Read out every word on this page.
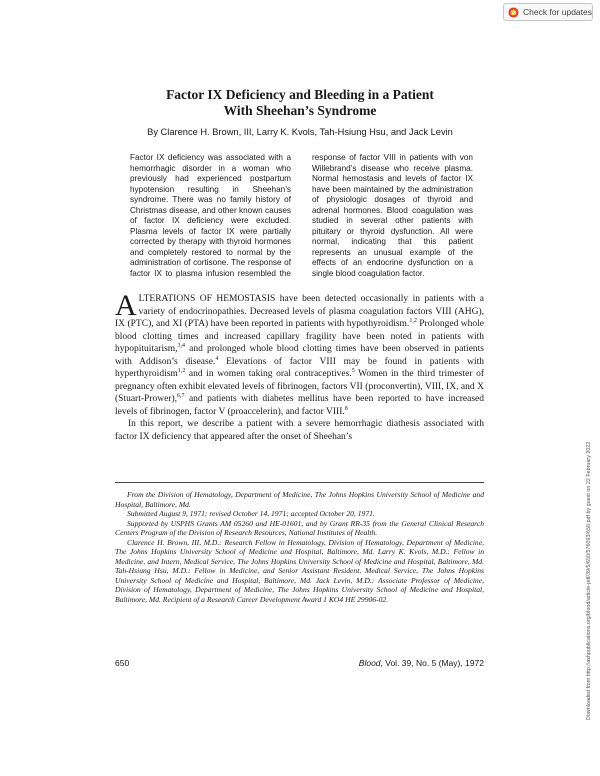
Check for updates
Downloaded from http://ashpublications.org/blood/article-pdf/39/5/650/576093/650.pdf by guest on 22 February 2022
Factor IX Deficiency and Bleeding in a Patient
With Sheehan’s Syndrome
By Clarence H. Brown, III, Larry K. Kvols, Tah-Hsiung Hsu, and Jack Levin
Factor IX deficiency was associated with a hemorrhagic disorder in a woman who previously had experienced postpartum hypotension resulting in Sheehan’s syndrome. There was no family history of Christmas disease, and other known causes of factor IX deficiency were excluded. Plasma levels of factor IX were partially corrected by therapy with thyroid hormones and completely restored to normal by the administration of cortisone. The response of factor IX to plasma infusion resembled the response of factor VIII in patients with von Willebrand’s disease who receive plasma. Normal hemostasis and levels of factor IX have been maintained by the administration of physiologic dosages of thyroid and adrenal hormones. Blood coagulation was studied in several other patients with pituitary or thyroid dysfunction. All were normal, indicating that this patient represents an unusual example of the effects of an endocrine dysfunction on a single blood coagulation factor.

ALTERATIONS OF HEMOSTASIS have been detected occasionally in patients with a variety of endocrinopathies. Decreased levels of plasma coagulation factors VIII (AHG), IX (PTC), and XI (PTA) have been reported in patients with hypothyroidism.$^{1,2}$ Prolonged whole blood clotting times and increased capillary fragility have been noted in patients with hypopituitarism,$^{3,4}$ and prolonged whole blood clotting times have been observed in patients with Addison’s disease.$^4$ Elevations of factor VIII may be found in patients with hyperthyroidism$^{1,2}$ and in women taking oral contraceptives.$^5$ Women in the third trimester of pregnancy often exhibit elevated levels of fibrinogen, factors VII (proconvertin), VIII, IX, and X (Stuart-Prower),$^{6,7}$ and patients with diabetes mellitus have been reported to have increased levels of fibrinogen, factor V (proaccelerin), and factor VIII.$^8$

In this report, we describe a patient with a severe hemorrhagic diathesis associated with factor IX deficiency that appeared after the onset of Sheehan’s

From the Division of Hematology, Department of Medicine, The Johns Hopkins University School of Medicine and Hospital, Baltimore, Md.

Submitted August 9, 1971; revised October 14, 1971; accepted October 20, 1971.

Supported by USPHS Grants AM 05260 and HE-01601, and by Grant RR-35 from the General Clinical Research Centers Program of the Division of Research Resources, National Institutes of Health.

Clarence H. Brown, III, M.D.: Research Fellow in Hematology, Division of Hematology, Department of Medicine, The Johns Hopkins University School of Medicine and Hospital, Baltimore, Md. Larry K. Kvols, M.D.: Fellow in Medicine, and Intern, Medical Service, The Johns Hopkins University School of Medicine and Hospital, Baltimore, Md. Tah-Hsiung Hsu, M.D.: Fellow in Medicine, and Senior Assistant Resident, Medical Service, The Johns Hopkins University School of Medicine and Hospital, Baltimore, Md. Jack Levin, M.D.: Associate Professor of Medicine, Division of Hematology, Department of Medicine, The Johns Hopkins University School of Medicine and Hospital, Baltimore, Md. Recipient of a Research Career Development Award 1 KO4 HE 29906-02.

650	Blood, Vol. 39, No. 5 (May), 1972
